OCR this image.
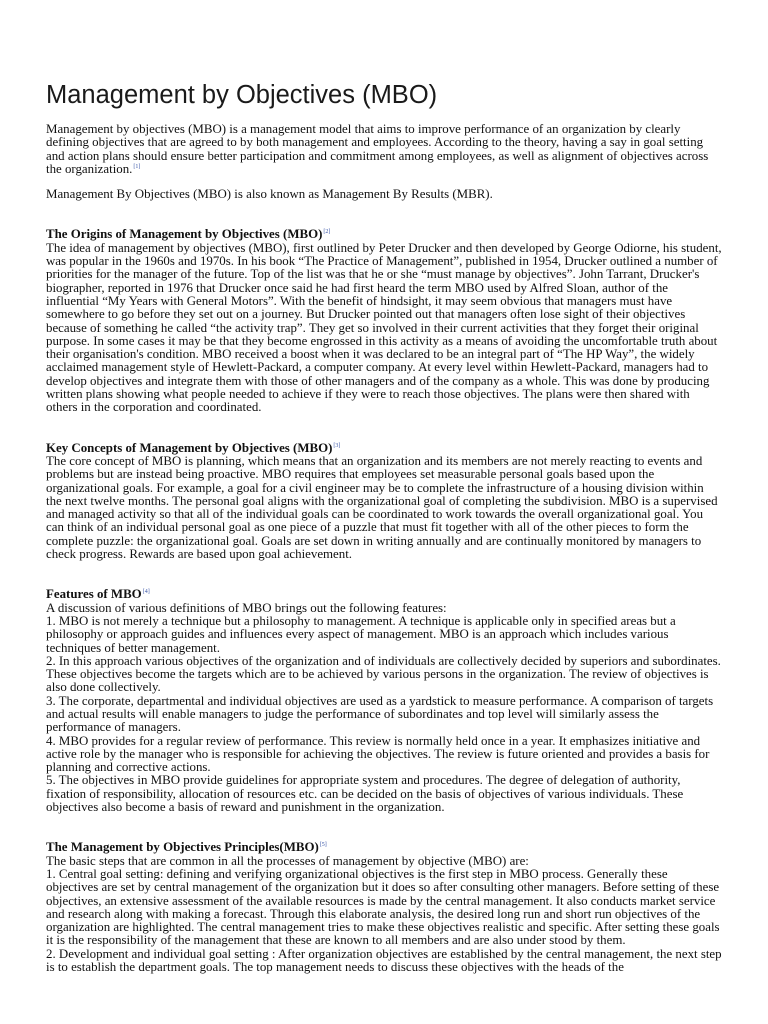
Management by Objectives (MBO)

Management by objectives (MBO) is a management model that aims to improve performance of an organization by clearly defining objectives that are agreed to by both management and employees. According to the theory, having a say in goal setting and action plans should ensure better participation and commitment among employees, as well as alignment of objectives across the organization.[1]

Management By Objectives (MBO) is also known as Management By Results (MBR).

The Origins of Management by Objectives (MBO)[2]

The idea of management by objectives (MBO), first outlined by Peter Drucker and then developed by George Odiorne, his student, was popular in the 1960s and 1970s. In his book “The Practice of Management”, published in 1954, Drucker outlined a number of priorities for the manager of the future. Top of the list was that he or she “must manage by objectives”. John Tarrant, Drucker's biographer, reported in 1976 that Drucker once said he had first heard the term MBO used by Alfred Sloan, author of the influential “My Years with General Motors”. With the benefit of hindsight, it may seem obvious that managers must have somewhere to go before they set out on a journey. But Drucker pointed out that managers often lose sight of their objectives because of something he called “the activity trap”. They get so involved in their current activities that they forget their original purpose. In some cases it may be that they become engrossed in this activity as a means of avoiding the uncomfortable truth about their organisation's condition. MBO received a boost when it was declared to be an integral part of “The HP Way”, the widely acclaimed management style of Hewlett-Packard, a computer company. At every level within Hewlett-Packard, managers had to develop objectives and integrate them with those of other managers and of the company as a whole. This was done by producing written plans showing what people needed to achieve if they were to reach those objectives. The plans were then shared with others in the corporation and coordinated.

Key Concepts of Management by Objectives (MBO)[3]

The core concept of MBO is planning, which means that an organization and its members are not merely reacting to events and problems but are instead being proactive. MBO requires that employees set measurable personal goals based upon the organizational goals. For example, a goal for a civil engineer may be to complete the infrastructure of a housing division within the next twelve months. The personal goal aligns with the organizational goal of completing the subdivision. MBO is a supervised and managed activity so that all of the individual goals can be coordinated to work towards the overall organizational goal. You can think of an individual personal goal as one piece of a puzzle that must fit together with all of the other pieces to form the complete puzzle: the organizational goal. Goals are set down in writing annually and are continually monitored by managers to check progress. Rewards are based upon goal achievement.

Features of MBO[4]

A discussion of various definitions of MBO brings out the following features:

1. MBO is not merely a technique but a philosophy to management. A technique is applicable only in specified areas but a philosophy or approach guides and influences every aspect of management. MBO is an approach which includes various techniques of better management.

2. In this approach various objectives of the organization and of individuals are collectively decided by superiors and subordinates. These objectives become the targets which are to be achieved by various persons in the organization. The review of objectives is also done collectively.

3. The corporate, departmental and individual objectives are used as a yardstick to measure performance. A comparison of targets and actual results will enable managers to judge the performance of subordinates and top level will similarly assess the performance of managers.

4. MBO provides for a regular review of performance. This review is normally held once in a year. It emphasizes initiative and active role by the manager who is responsible for achieving the objectives. The review is future oriented and provides a basis for planning and corrective actions.

5. The objectives in MBO provide guidelines for appropriate system and procedures. The degree of delegation of authority, fixation of responsibility, allocation of resources etc. can be decided on the basis of objectives of various individuals. These objectives also become a basis of reward and punishment in the organization.

The Management by Objectives Principles(MBO)[5]

The basic steps that are common in all the processes of management by objective (MBO) are:

1. Central goal setting: defining and verifying organizational objectives is the first step in MBO process. Generally these objectives are set by central management of the organization but it does so after consulting other managers. Before setting of these objectives, an extensive assessment of the available resources is made by the central management. It also conducts market service and research along with making a forecast. Through this elaborate analysis, the desired long run and short run objectives of the organization are highlighted. The central management tries to make these objectives realistic and specific. After setting these goals it is the responsibility of the management that these are known to all members and are also under stood by them.

2. Development and individual goal setting : After organization objectives are established by the central management, the next step is to establish the department goals. The top management needs to discuss these objectives with the heads of the
